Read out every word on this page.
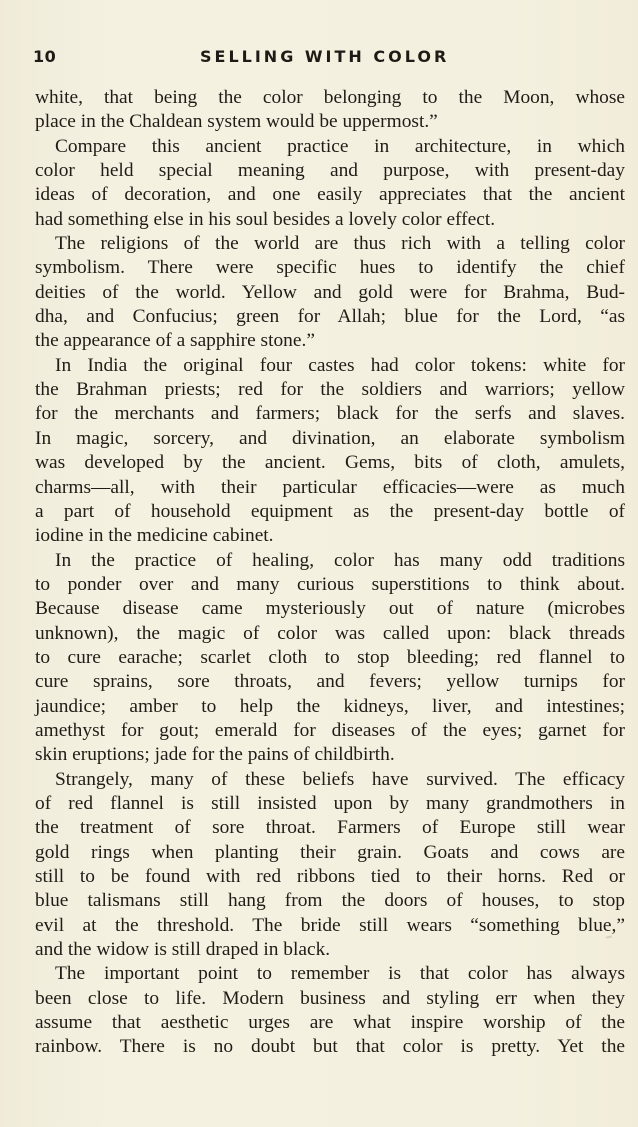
10	SELLING WITH COLOR
white, that being the color belonging to the Moon, whose
place in the Chaldean system would be uppermost.”
Compare this ancient practice in architecture, in which
color held special meaning and purpose, with present-day
ideas of decoration, and one easily appreciates that the ancient
had something else in his soul besides a lovely color effect.
The religions of the world are thus rich with a telling color
symbolism. There were specific hues to identify the chief
deities of the world. Yellow and gold were for Brahma, Bud-
dha, and Confucius; green for Allah; blue for the Lord, “as
the appearance of a sapphire stone.”
In India the original four castes had color tokens: white for
the Brahman priests; red for the soldiers and warriors; yellow
for the merchants and farmers; black for the serfs and slaves.
In magic, sorcery, and divination, an elaborate symbolism
was developed by the ancient. Gems, bits of cloth, amulets,
charms—all, with their particular efficacies—were as much
a part of household equipment as the present-day bottle of
iodine in the medicine cabinet.
In the practice of healing, color has many odd traditions
to ponder over and many curious superstitions to think about.
Because disease came mysteriously out of nature (microbes
unknown), the magic of color was called upon: black threads
to cure earache; scarlet cloth to stop bleeding; red flannel to
cure sprains, sore throats, and fevers; yellow turnips for
jaundice; amber to help the kidneys, liver, and intestines;
amethyst for gout; emerald for diseases of the eyes; garnet for
skin eruptions; jade for the pains of childbirth.
Strangely, many of these beliefs have survived. The efficacy
of red flannel is still insisted upon by many grandmothers in
the treatment of sore throat. Farmers of Europe still wear
gold rings when planting their grain. Goats and cows are
still to be found with red ribbons tied to their horns. Red or
blue talismans still hang from the doors of houses, to stop
evil at the threshold. The bride still wears “something blue,”
and the widow is still draped in black.
The important point to remember is that color has always
been close to life. Modern business and styling err when they
assume that aesthetic urges are what inspire worship of the
rainbow. There is no doubt but that color is pretty. Yet the
